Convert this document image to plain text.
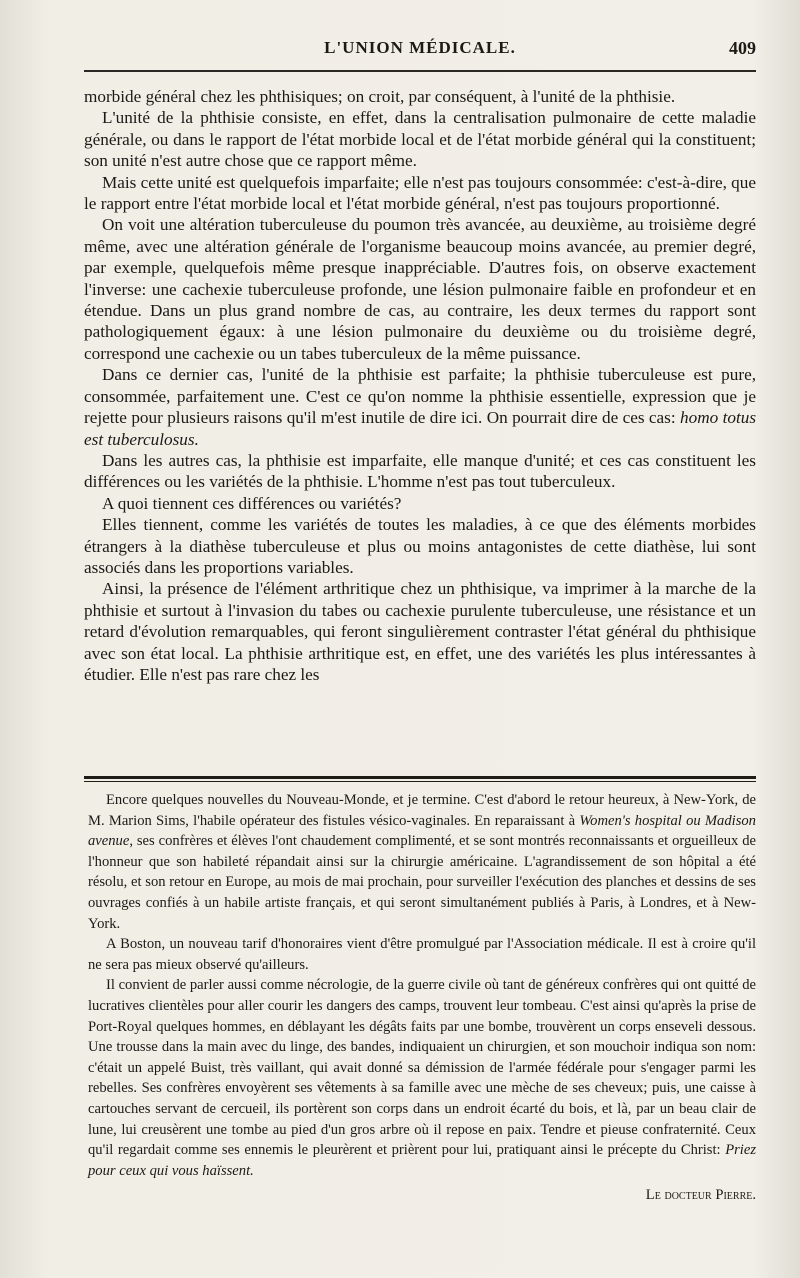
L'UNION MÉDICALE.	409

morbide général chez les phthisiques; on croit, par conséquent, à l'unité de la phthisie.

L'unité de la phthisie consiste, en effet, dans la centralisation pulmonaire de cette maladie générale, ou dans le rapport de l'état morbide local et de l'état morbide général qui la constituent; son unité n'est autre chose que ce rapport même.

Mais cette unité est quelquefois imparfaite; elle n'est pas toujours consommée: c'est-à-dire, que le rapport entre l'état morbide local et l'état morbide général, n'est pas toujours proportionné.

On voit une altération tuberculeuse du poumon très avancée, au deuxième, au troisième degré même, avec une altération générale de l'organisme beaucoup moins avancée, au premier degré, par exemple, quelquefois même presque inappréciable. D'autres fois, on observe exactement l'inverse: une cachexie tuberculeuse profonde, une lésion pulmonaire faible en profondeur et en étendue. Dans un plus grand nombre de cas, au contraire, les deux termes du rapport sont pathologiquement égaux: à une lésion pulmonaire du deuxième ou du troisième degré, correspond une cachexie ou un tabes tuberculeux de la même puissance.

Dans ce dernier cas, l'unité de la phthisie est parfaite; la phthisie tuberculeuse est pure, consommée, parfaitement une. C'est ce qu'on nomme la phthisie essentielle, expression que je rejette pour plusieurs raisons qu'il m'est inutile de dire ici. On pourrait dire de ces cas: homo totus est tuberculosus.

Dans les autres cas, la phthisie est imparfaite, elle manque d'unité; et ces cas constituent les différences ou les variétés de la phthisie. L'homme n'est pas tout tuberculeux.

A quoi tiennent ces différences ou variétés?

Elles tiennent, comme les variétés de toutes les maladies, à ce que des éléments morbides étrangers à la diathèse tuberculeuse et plus ou moins antagonistes de cette diathèse, lui sont associés dans les proportions variables.

Ainsi, la présence de l'élément arthritique chez un phthisique, va imprimer à la marche de la phthisie et surtout à l'invasion du tabes ou cachexie purulente tuberculeuse, une résistance et un retard d'évolution remarquables, qui feront singulièrement contraster l'état général du phthisique avec son état local. La phthisie arthritique est, en effet, une des variétés les plus intéressantes à étudier. Elle n'est pas rare chez les

Encore quelques nouvelles du Nouveau-Monde, et je termine. C'est d'abord le retour heureux, à New-York, de M. Marion Sims, l'habile opérateur des fistules vésico-vaginales. En reparaissant à Women's hospital ou Madison avenue, ses confrères et élèves l'ont chaudement complimenté, et se sont montrés reconnaissants et orgueilleux de l'honneur que son habileté répandait ainsi sur la chirurgie américaine. L'agrandissement de son hôpital a été résolu, et son retour en Europe, au mois de mai prochain, pour surveiller l'exécution des planches et dessins de ses ouvrages confiés à un habile artiste français, et qui seront simultanément publiés à Paris, à Londres, et à New-York.

A Boston, un nouveau tarif d'honoraires vient d'être promulgué par l'Association médicale. Il est à croire qu'il ne sera pas mieux observé qu'ailleurs.

Il convient de parler aussi comme nécrologie, de la guerre civile où tant de généreux confrères qui ont quitté de lucratives clientèles pour aller courir les dangers des camps, trouvent leur tombeau. C'est ainsi qu'après la prise de Port-Royal quelques hommes, en déblayant les dégâts faits par une bombe, trouvèrent un corps enseveli dessous. Une trousse dans la main avec du linge, des bandes, indiquaient un chirurgien, et son mouchoir indiqua son nom: c'était un appelé Buist, très vaillant, qui avait donné sa démission de l'armée fédérale pour s'engager parmi les rebelles. Ses confrères envoyèrent ses vêtements à sa famille avec une mèche de ses cheveux; puis, une caisse à cartouches servant de cercueil, ils portèrent son corps dans un endroit écarté du bois, et là, par un beau clair de lune, lui creusèrent une tombe au pied d'un gros arbre où il repose en paix. Tendre et pieuse confraternité. Ceux qu'il regardait comme ses ennemis le pleurèrent et prièrent pour lui, pratiquant ainsi le précepte du Christ: Priez pour ceux qui vous haïssent.

Le docteur Pierre.
